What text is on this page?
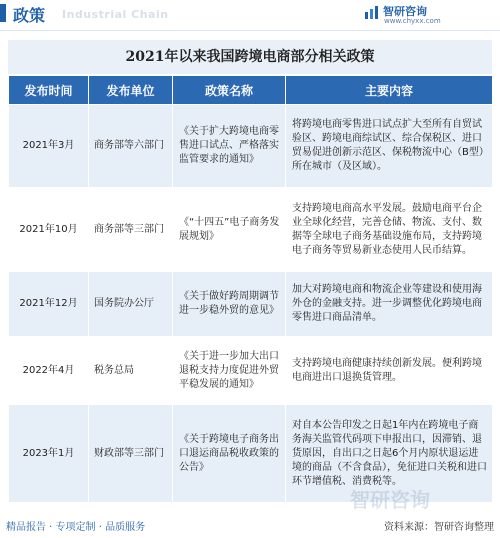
政策 Industrial Chain	智研咨询
www.chyxx.com
2021年以来我国跨境电商部分相关政策
发布时间	发布单位	政策名称	主要内容
2021年3月	商务部等六部门	《关于扩大跨境电商零售进口试点、严格落实监管要求的通知》	将跨境电商零售进口试点扩大至所有自贸试验区、跨境电商综试区、综合保税区、进口贸易促进创新示范区、保税物流中心（B型）所在城市（及区域）。
2021年10月	商务部等三部门	《“十四五”电子商务发展规划》	支持跨境电商高水平发展。鼓励电商平台企业全球化经营，完善仓储、物流、支付、数据等全球电子商务基础设施布局，支持跨境电子商务等贸易新业态使用人民币结算。
2021年12月	国务院办公厅	《关于做好跨周期调节进一步稳外贸的意见》	加大对跨境电商和物流企业等建设和使用海外仓的金融支持。进一步调整优化跨境电商零售进口商品清单。
2022年4月	税务总局	《关于进一步加大出口退税支持力度促进外贸平稳发展的通知》	支持跨境电商健康持续创新发展。便利跨境电商进出口退换货管理。
2023年1月	财政部等三部门	《关于跨境电子商务出口退运商品税收政策的公告》	对自本公告印发之日起1年内在跨境电子商务海关监管代码项下申报出口，因滞销、退货原因，自出口之日起6个月内原状退运进境的商品（不含食品），免征进口关税和进口环节增值税、消费税等。
智研咨询
精品报告 · 专项定制 · 品质服务	资料来源：智研咨询整理
